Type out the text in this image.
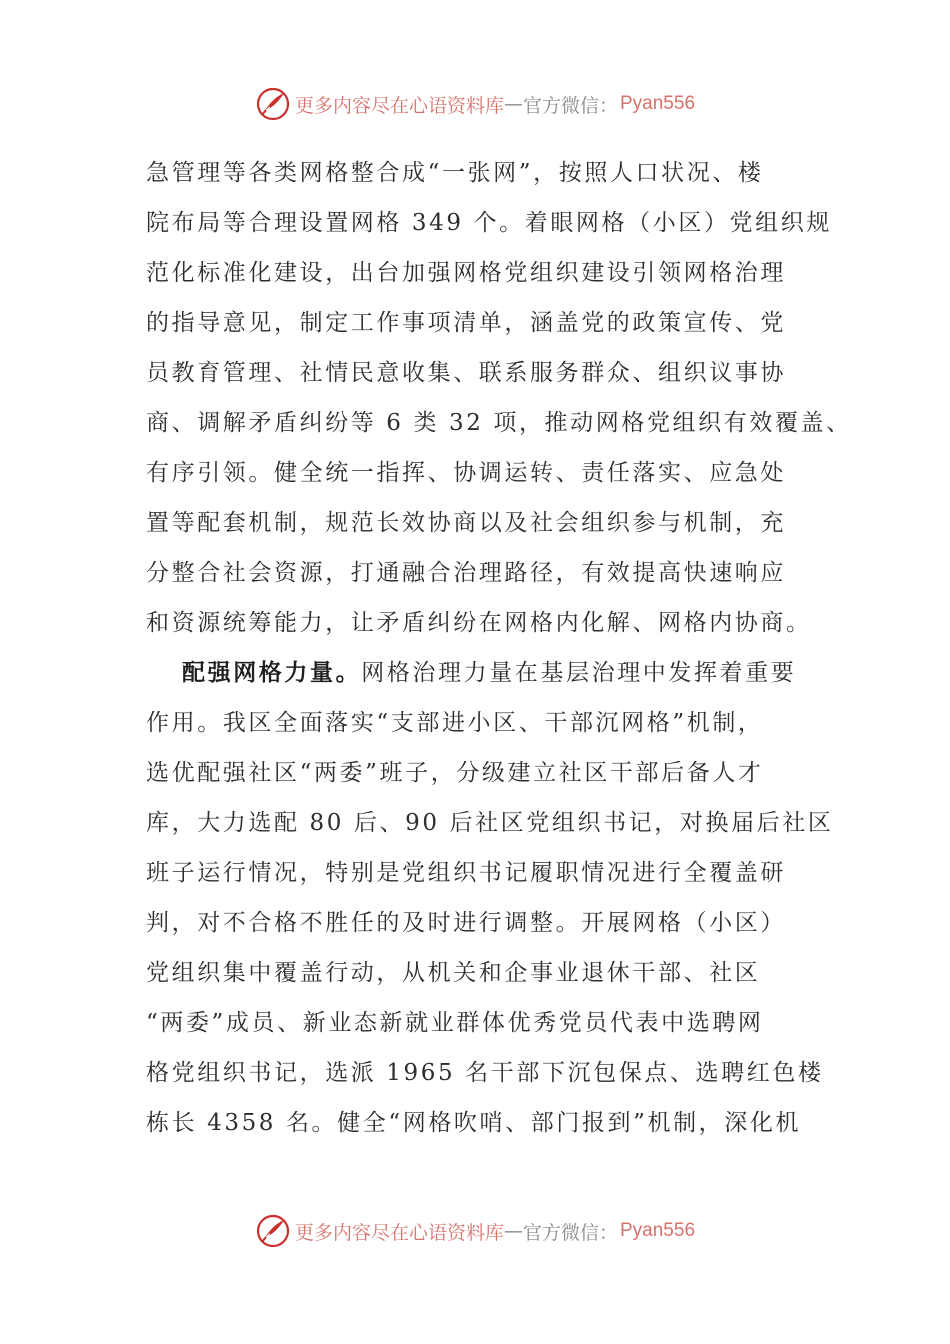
更多内容尽在心语资料库 — 官方微信： Pyan556
急管理等各类网格整合成“一张网”，按照人口状况、楼
院布局等合理设置网格 349 个。着眼网格（小区）党组织规
范化标准化建设，出台加强网格党组织建设引领网格治理
的指导意见，制定工作事项清单，涵盖党的政策宣传、党
员教育管理、社情民意收集、联系服务群众、组织议事协
商、调解矛盾纠纷等 6 类 32 项，推动网格党组织有效覆盖、
有序引领。健全统一指挥、协调运转、责任落实、应急处
置等配套机制，规范长效协商以及社会组织参与机制，充
分整合社会资源，打通融合治理路径，有效提高快速响应
和资源统筹能力，让矛盾纠纷在网格内化解、网格内协商。
配强网格力量。网格治理力量在基层治理中发挥着重要
作用。我区全面落实“支部进小区、干部沉网格”机制，
选优配强社区“两委”班子，分级建立社区干部后备人才
库，大力选配 80 后、90 后社区党组织书记，对换届后社区
班子运行情况，特别是党组织书记履职情况进行全覆盖研
判，对不合格不胜任的及时进行调整。开展网格（小区）
党组织集中覆盖行动，从机关和企事业退休干部、社区
“两委”成员、新业态新就业群体优秀党员代表中选聘网
格党组织书记，选派 1965 名干部下沉包保点、选聘红色楼
栋长 4358 名。健全“网格吹哨、部门报到”机制，深化机
更多内容尽在心语资料库 — 官方微信： Pyan556
